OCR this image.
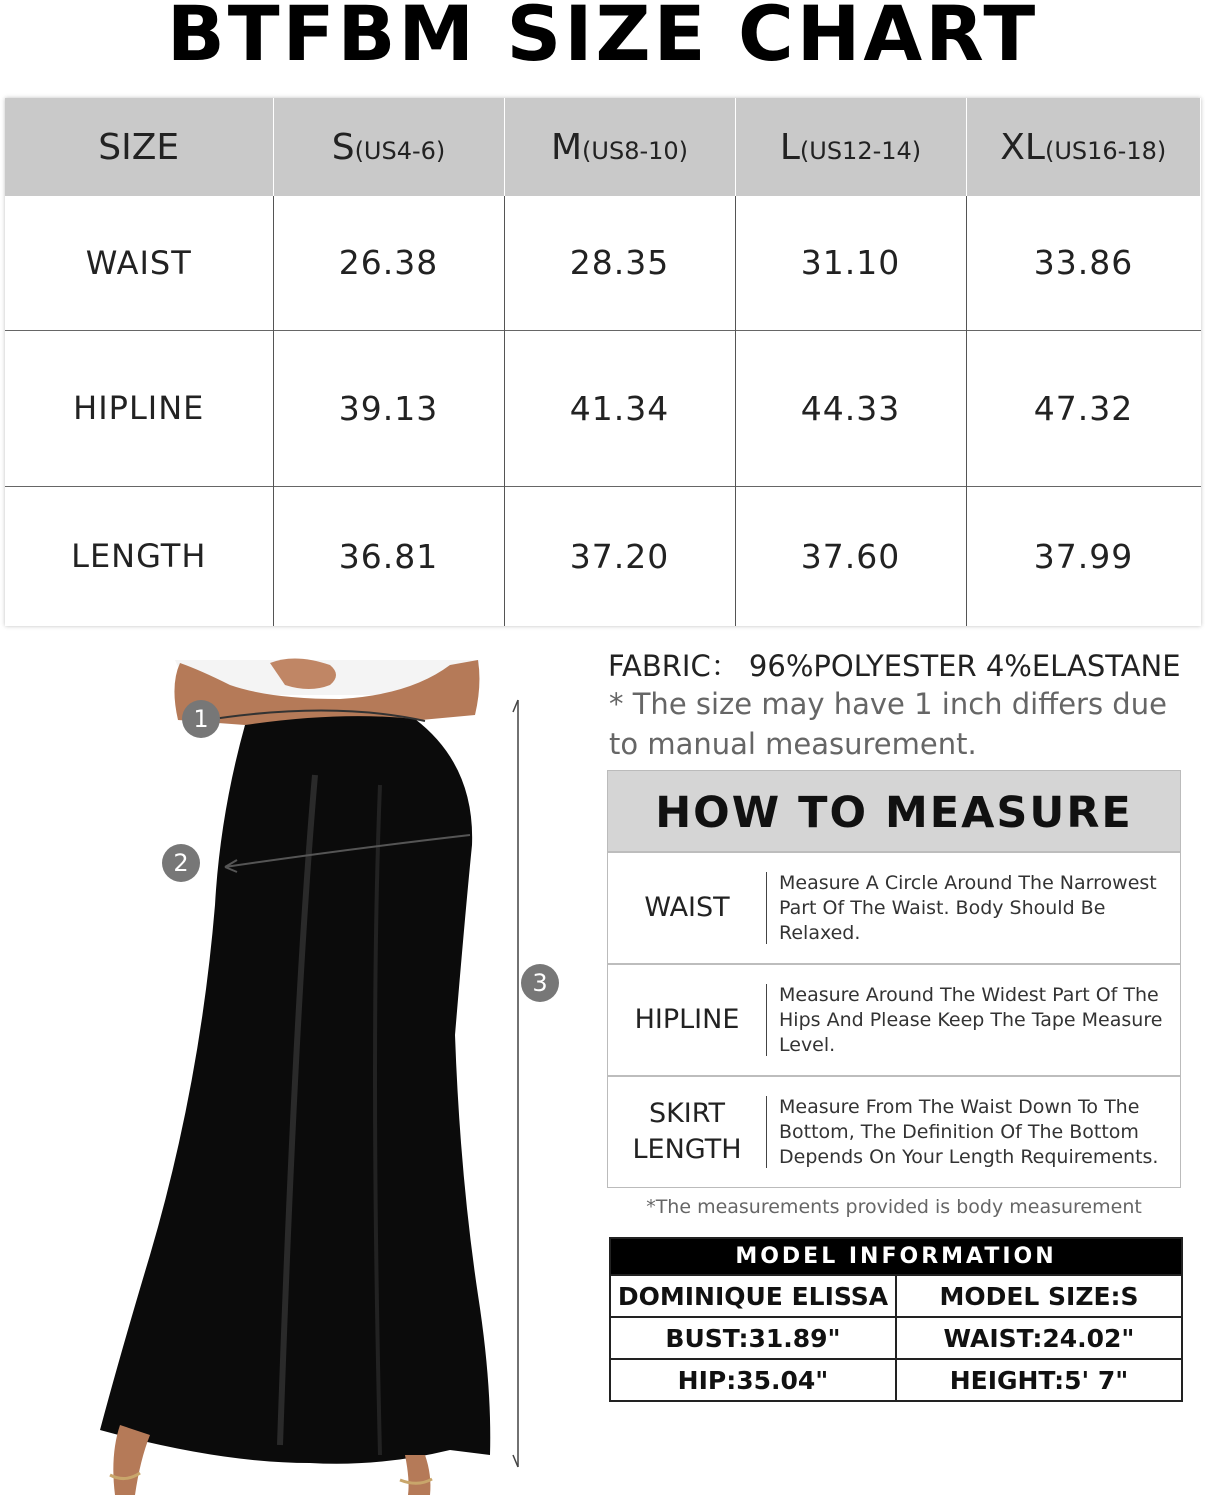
BTFBM SIZE CHART
SIZE	S(US4-6)	M(US8-10)	L(US12-14)	XL(US16-18)
WAIST	26.38	28.35	31.10	33.86
HIPLINE	39.13	41.34	44.33	47.32
LENGTH	36.81	37.20	37.60	37.99
1
2
3
FABRIC： 96%POLYESTER 4%ELASTANE
* The size may have 1 inch differs due to manual measurement.
HOW TO MEASURE
WAIST
Measure A Circle Around The Narrowest Part Of The Waist. Body Should Be Relaxed.
HIPLINE
Measure Around The Widest Part Of The Hips And Please Keep The Tape Measure Level.
SKIRT LENGTH
Measure From The Waist Down To The Bottom, The Definition Of The Bottom Depends On Your Length Requirements.
*The measurements provided is body measurement
MODEL INFORMATION	
DOMINIQUE ELISSA	MODEL SIZE:S
BUST:31.89"	WAIST:24.02"
HIP:35.04"	HEIGHT:5' 7"
